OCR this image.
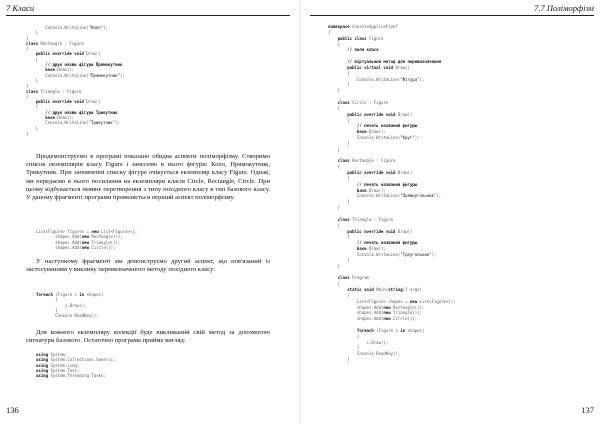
7 Класи
Console.WriteLine("Коло");
}
}
class Rectangle : Figure
{
public override void Draw()
{
// друк назви фігури Прямокутник
base.Draw();
Console.WriteLine("Прямокутник");
}
}
class Triangle : Figure
{
public override void Draw()
{
// друк назви фігури Трикутник
base.Draw();
Console.WriteLine("Трикутник");
}
}

Продемонструємо в програмі показано обидва аспекти поліморфізму. Створимо список екземплярів класу Figure і занесемо в нього фігури: Коло, Прямокутник, Трикутник. При заповненні списку фігуре очікується екземпляр класу Figure. Однак, ми передаємо в нього посилання на екземпляри класів Circle, Rectangle, Circle. При цьому відбувається неявне перетворення з типу похідного класу в тип базового класу. У даному фрагменті програми проявляється перший аспект поліморфізму.

List<Figure> figures = new List<Figure>();
shapes.Add(new Rectangle());
shapes.Add(new Triangle());
shapes.Add(new Circle());

У наступному фрагменті ми демонструємо другий аспект, що пов'язаний із застосуванням у виклику перевизначеного методу похідного класу:

foreach (Figure s in shapes)
{
s.Draw();
}
Console.ReadKey();

Для кожного екземпляру колекції буде викликаний свій метод за допомогою сигнатури базового. Остаточно програма прийме вигляд:

using System;
using System.Collections.Generic;
using System.Linq;
using System.Text;
using System.Threading.Tasks;
136
7.7 Поліморфізм
namespace ConsoleApplication7
{
public class Figure
{
// поля класа

// віртуальний метод для перевизначення
public virtual void Draw()
{
Console.WriteLine("Фігура");
}
}

class Circle : Figure
{
public override void Draw()
{
// печать названия фигуры
base.Draw();
Console.WriteLine("Круг");
}
}

class Rectangle : Figure
{
public override void Draw()
{
// печать названия фигуры
base.Draw();
Console.WriteLine("Прямоугольник");
}
}

class Triangle : Figure
{
public override void Draw()
{
// печать названия фигуры
base.Draw();
Console.WriteLine("Треугольник");
}
}

class Program
{
static void Main(string[] args)
{
List<Figure> shapes = new List<Figure>();
shapes.Add(new Rectangle());
shapes.Add(new Triangle());
shapes.Add(new Circle());

foreach (Figure s in shapes)
{
s.Draw();
}
Console.ReadKey();
}
137
